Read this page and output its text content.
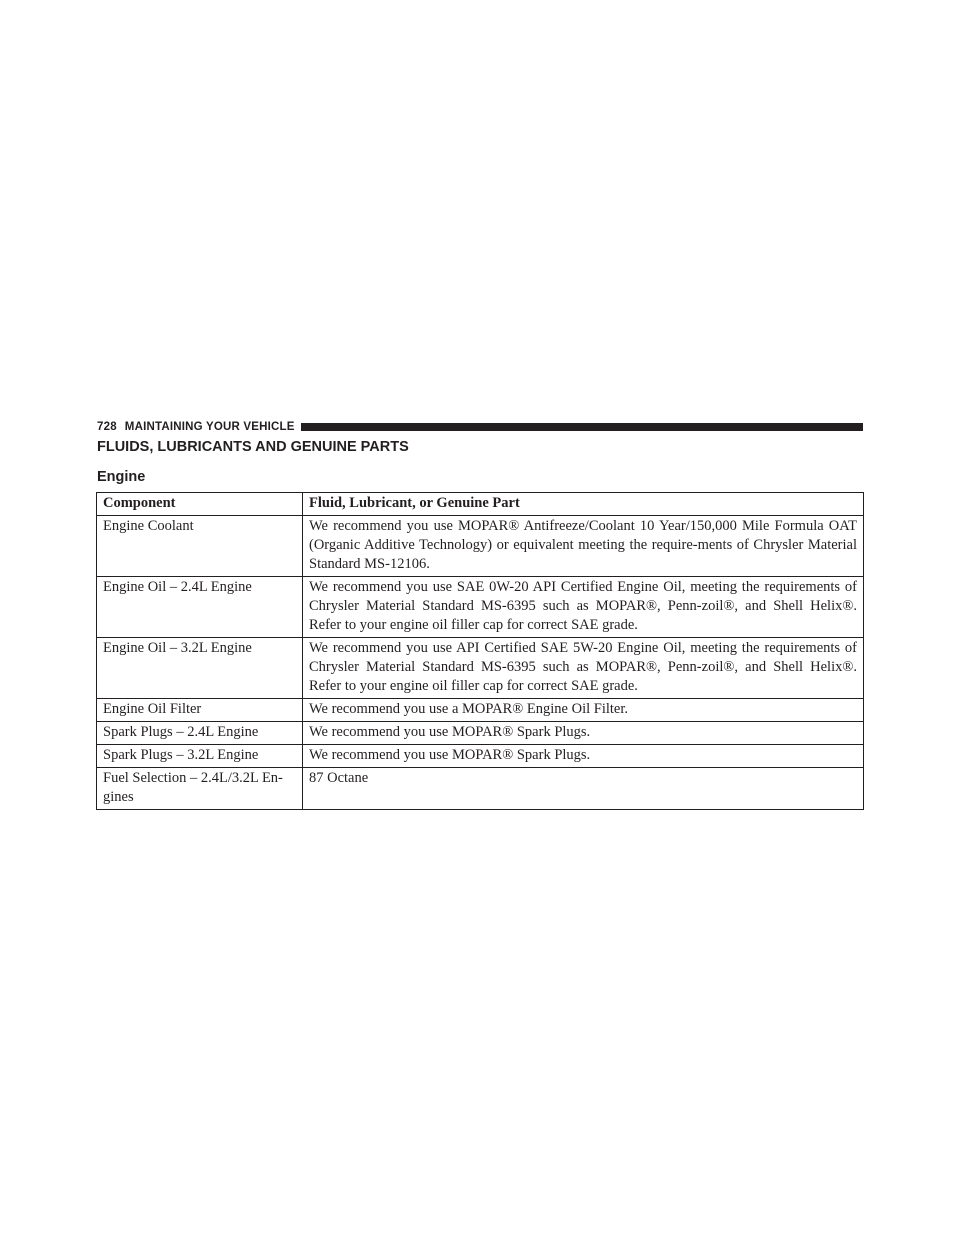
728 MAINTAINING YOUR VEHICLE
FLUIDS, LUBRICANTS AND GENUINE PARTS
Engine
Component	Fluid, Lubricant, or Genuine Part
Engine Coolant	We recommend you use MOPAR® Antifreeze/Coolant 10 Year/150,000 Mile Formula OAT (Organic Additive Technology) or equivalent meeting the require-ments of Chrysler Material Standard MS-12106.
Engine Oil – 2.4L Engine	We recommend you use SAE 0W-20 API Certified Engine Oil, meeting the requirements of Chrysler Material Standard MS-6395 such as MOPAR®, Penn-zoil®, and Shell Helix®. Refer to your engine oil filler cap for correct SAE grade.
Engine Oil – 3.2L Engine	We recommend you use API Certified SAE 5W-20 Engine Oil, meeting the requirements of Chrysler Material Standard MS-6395 such as MOPAR®, Penn-zoil®, and Shell Helix®. Refer to your engine oil filler cap for correct SAE grade.
Engine Oil Filter	We recommend you use a MOPAR® Engine Oil Filter.
Spark Plugs – 2.4L Engine	We recommend you use MOPAR® Spark Plugs.
Spark Plugs – 3.2L Engine	We recommend you use MOPAR® Spark Plugs.
Fuel Selection – 2.4L/3.2L En-gines	87 Octane
